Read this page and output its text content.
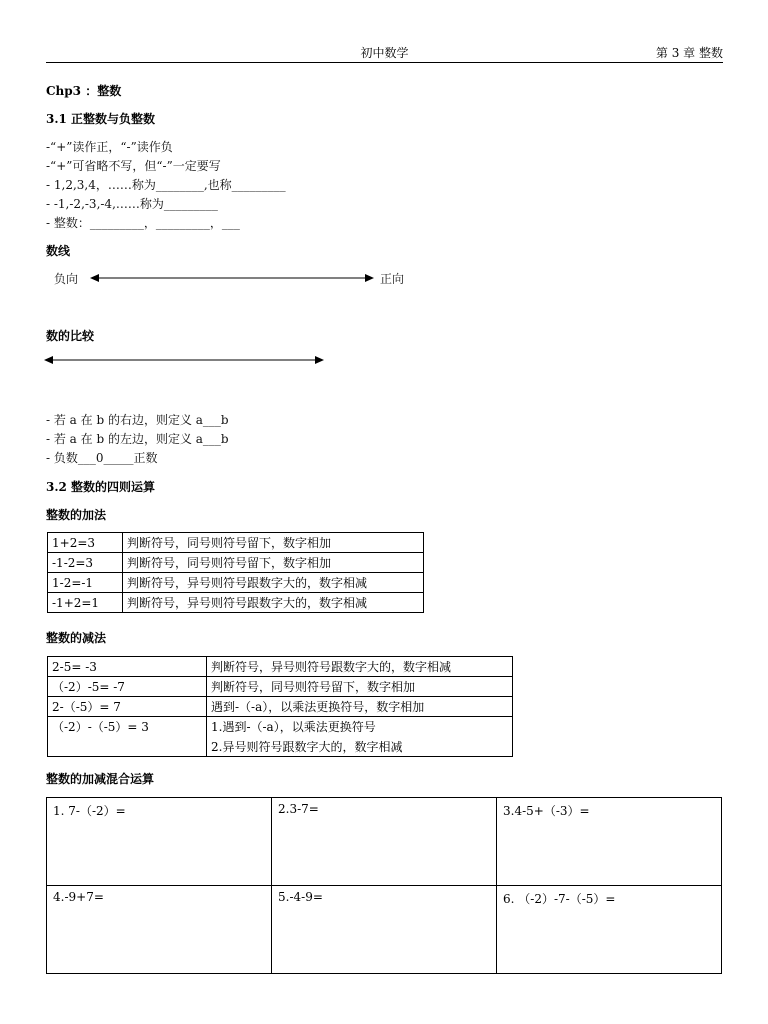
初中数学	第 3 章 整数
Chp3 ：整数
3.1 正整数与负整数
-“+”读作正，“-”读作负
-“+”可省略不写，但“-”一定要写
- 1,2,3,4，……称为________,也称_________
- -1,-2,-3,-4,……称为_________
- 整数：_________，_________，___
数线
负向	正向
数的比较
- 若 a 在 b 的右边，则定义 a___b
- 若 a 在 b 的左边，则定义 a___b
- 负数___0_____正数
3.2 整数的四则运算
整数的加法
1+2=3	判断符号，同号则符号留下，数字相加
-1-2=3	判断符号，同号则符号留下，数字相加
1-2=-1	判断符号，异号则符号跟数字大的，数字相减
-1+2=1	判断符号，异号则符号跟数字大的，数字相减
整数的减法
2-5= -3	判断符号，异号则符号跟数字大的，数字相减
（-2）-5= -7	判断符号，同号则符号留下，数字相加
2-（-5）= 7	遇到-（-a），以乘法更换符号，数字相加
（-2）-（-5）= 3	1.遇到-（-a），以乘法更换符号
2.异号则符号跟数字大的，数字相减
整数的加减混合运算
1. 7-（-2）=	2.3-7=	3.4-5+（-3）=
4.-9+7=	5.-4-9=	6. （-2）-7-（-5）=
